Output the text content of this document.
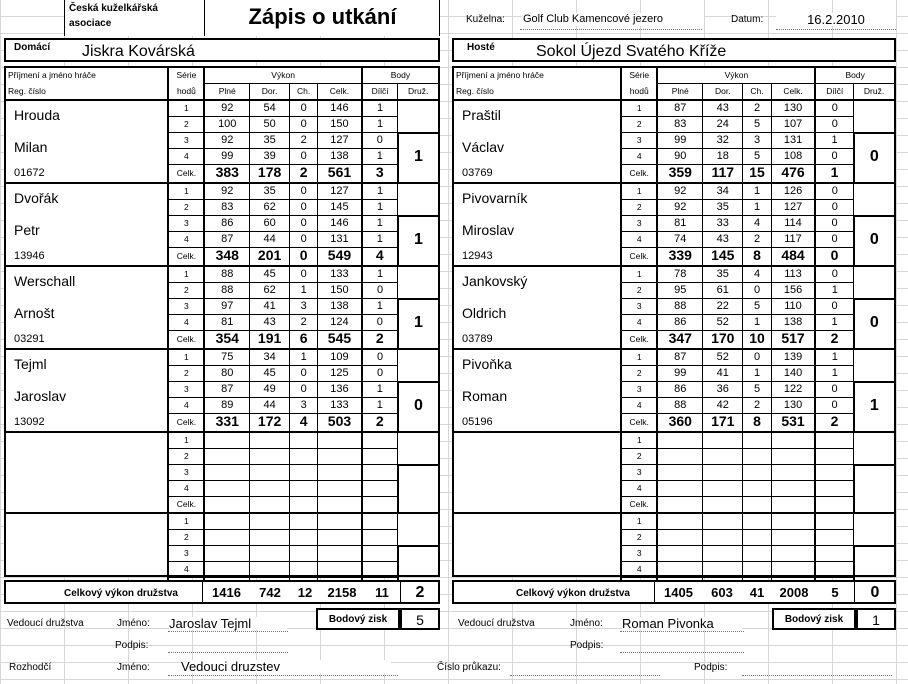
Česká kuželkářská
asociace	Zápis o utkání	Kuželna: Golf Club Kamencové jezero	Datum:	16.2.2010
Domácí Jiskra Kovárská	Hosté	Sokol Újezd Svatého Kříže
Příjmení a jméno hráče	Série	Výkon				Body	
Reg. číslo	hodů	Plné	Dor.	Ch.	Celk.	Dílčí	Druž.
Hrouda	1	92	54	0	146	1	
	2	100	50	0	150	1	
Milan	3	92	35	2	127	0	1
	4	99	39	0	138	1	
01672	Celk.	383	178	2	561	3	
Dvořák	1	92	35	0	127	1	
	2	83	62	0	145	1	
Petr	3	86	60	0	146	1	1
	4	87	44	0	131	1	
13946	Celk.	348	201	0	549	4	
Werschall	1	88	45	0	133	1	
	2	88	62	1	150	0	
Arnošt	3	97	41	3	138	1	1
	4	81	43	2	124	0	
03291	Celk.	354	191	6	545	2	
Tejml	1	75	34	1	109	0	
	2	80	45	0	125	0	
Jaroslav	3	87	49	0	136	1	0
	4	89	44	3	133	1	
13092	Celk.	331	172	4	503	2	
	1						
	2						
	3						
	4						
	Celk.						
	1						
	2						
	3						
	4						

Příjmení a jméno hráče	Série	Výkon				Body	
Reg. číslo	hodů	Plné	Dor.	Ch.	Celk.	Dílčí	Druž.
Praštil	1	87	43	2	130	0	
	2	83	24	5	107	0	
Václav	3	99	32	3	131	1	0
	4	90	18	5	108	0	
03769	Celk.	359	117	15	476	1	
Pivovarník	1	92	34	1	126	0	
	2	92	35	1	127	0	
Miroslav	3	81	33	4	114	0	0
	4	74	43	2	117	0	
12943	Celk.	339	145	8	484	0	
Jankovský	1	78	35	4	113	0	
	2	95	61	0	156	1	
Oldrich	3	88	22	5	110	0	0
	4	86	52	1	138	1	
03789	Celk.	347	170	10	517	2	
Pivoňka	1	87	52	0	139	1	
	2	99	41	1	140	1	
Roman	3	86	36	5	122	0	1
	4	88	42	2	130	0	
05196	Celk.	360	171	8	531	2	
	1						
	2						
	3						
	4						
	Celk.						
	1						
	2						
	3						
	4						

Celkový výkon družstva	1416	742	12	2158	11	2	Celkový výkon družstva	1405	603	41	2008	5	0
Vedoucí družstva	Jméno: Jaroslav Tejml
Podpis:
Bodový zisk	5	Vedoucí družstva	Jméno: Roman Pivonka
Podpis:
Bodový zisk	1
Rozhodčí	Jméno: Vedouci druzstev	Číslo průkazu:	Podpis:
